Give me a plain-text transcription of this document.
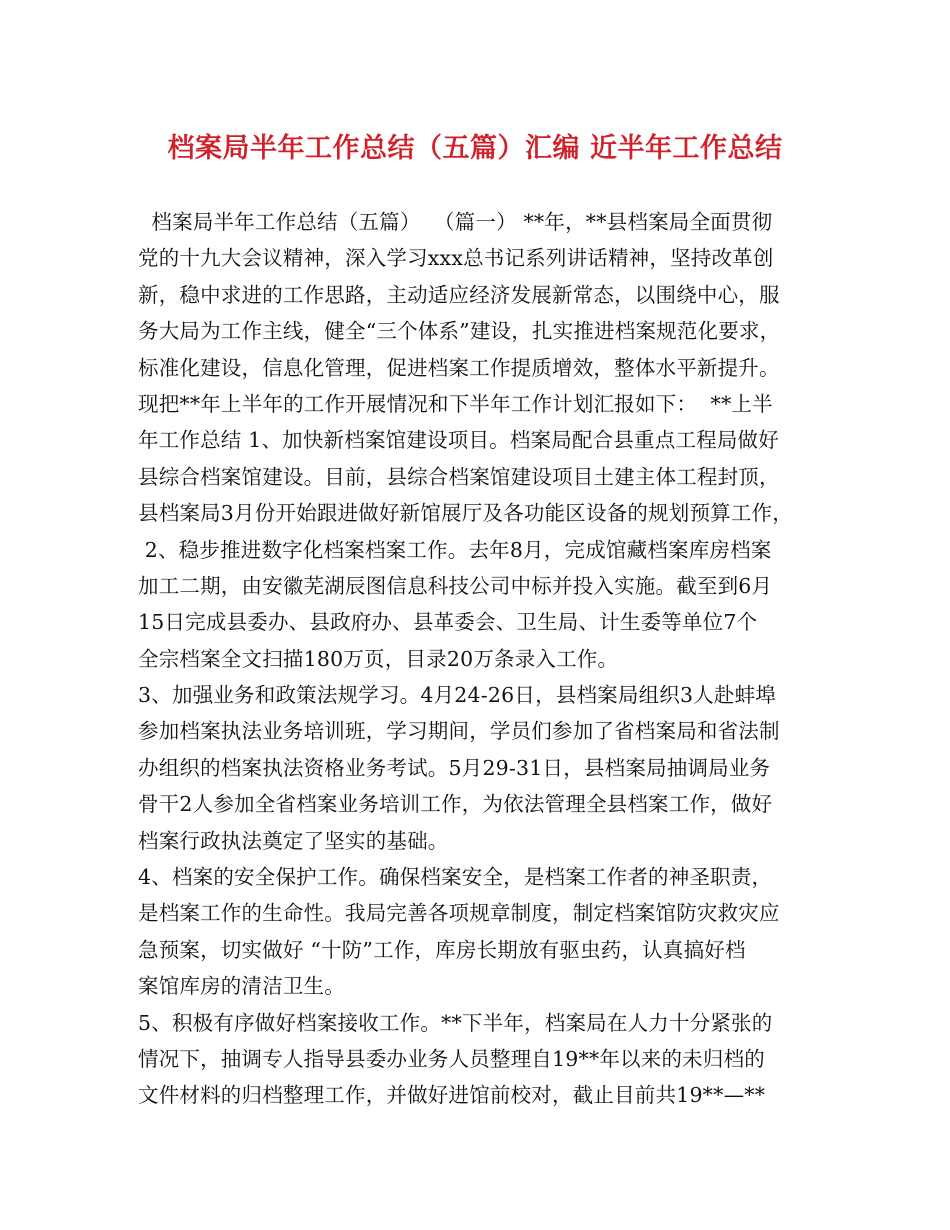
档案局半年工作总结（五篇）汇编 近半年工作总结
档案局半年工作总结（五篇）  （篇一） **年，**县档案局全面贯彻
党的十九大会议精神，深入学习xxx总书记系列讲话精神，坚持改革创
新，稳中求进的工作思路，主动适应经济发展新常态，以围绕中心，服
务大局为工作主线，健全“三个体系”建设，扎实推进档案规范化要求，
标准化建设，信息化管理，促进档案工作提质增效，整体水平新提升。
现把**年上半年的工作开展情况和下半年工作计划汇报如下：  **上半
年工作总结 1、加快新档案馆建设项目。档案局配合县重点工程局做好
县综合档案馆建设。目前，县综合档案馆建设项目土建主体工程封顶，
县档案局3月份开始跟进做好新馆展厅及各功能区设备的规划预算工作，
2、稳步推进数字化档案档案工作。去年8月，完成馆藏档案库房档案
加工二期，由安徽芜湖辰图信息科技公司中标并投入实施。截至到6月
15日完成县委办、县政府办、县革委会、卫生局、计生委等单位7个
全宗档案全文扫描180万页，目录20万条录入工作。
3、加强业务和政策法规学习。4月24-26日，县档案局组织3人赴蚌埠
参加档案执法业务培训班，学习期间，学员们参加了省档案局和省法制
办组织的档案执法资格业务考试。5月29-31日，县档案局抽调局业务
骨干2人参加全省档案业务培训工作，为依法管理全县档案工作，做好
档案行政执法奠定了坚实的基础。
4、档案的安全保护工作。确保档案安全，是档案工作者的神圣职责，
是档案工作的生命性。我局完善各项规章制度，制定档案馆防灾救灾应
急预案，切实做好 “十防”工作，库房长期放有驱虫药，认真搞好档
案馆库房的清洁卫生。
5、积极有序做好档案接收工作。**下半年，档案局在人力十分紧张的
情况下，抽调专人指导县委办业务人员整理自19**年以来的未归档的
文件材料的归档整理工作，并做好进馆前校对，截止目前共19**—**
